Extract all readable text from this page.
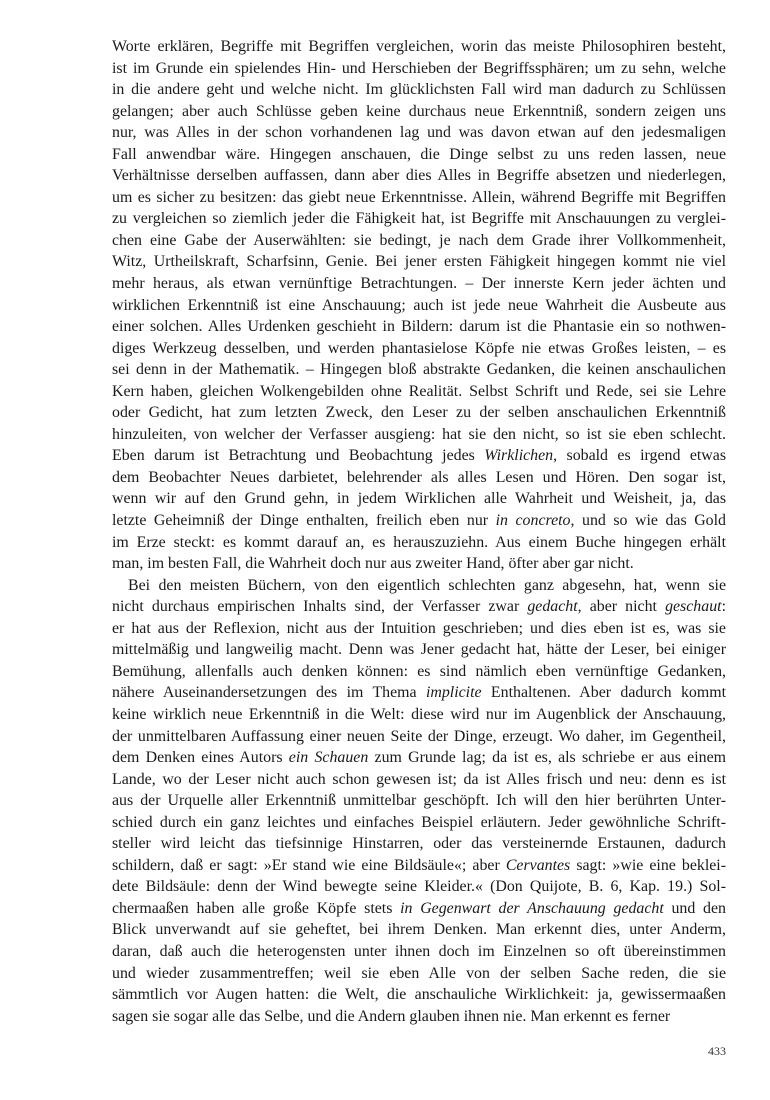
Worte erklären, Begriffe mit Begriffen vergleichen, worin das meiste Philosophiren besteht,
ist im Grunde ein spielendes Hin- und Herschieben der Begriffssphären; um zu sehn, welche
in die andere geht und welche nicht. Im glücklichsten Fall wird man dadurch zu Schlüssen
gelangen; aber auch Schlüsse geben keine durchaus neue Erkenntniß, sondern zeigen uns
nur, was Alles in der schon vorhandenen lag und was davon etwan auf den jedesmaligen
Fall anwendbar wäre. Hingegen anschauen, die Dinge selbst zu uns reden lassen, neue
Verhältnisse derselben auffassen, dann aber dies Alles in Begriffe absetzen und niederlegen,
um es sicher zu besitzen: das giebt neue Erkenntnisse. Allein, während Begriffe mit Begriffen
zu vergleichen so ziemlich jeder die Fähigkeit hat, ist Begriffe mit Anschauungen zu verglei-
chen eine Gabe der Auserwählten: sie bedingt, je nach dem Grade ihrer Vollkommenheit,
Witz, Urtheilskraft, Scharfsinn, Genie. Bei jener ersten Fähigkeit hingegen kommt nie viel
mehr heraus, als etwan vernünftige Betrachtungen. – Der innerste Kern jeder ächten und
wirklichen Erkenntniß ist eine Anschauung; auch ist jede neue Wahrheit die Ausbeute aus
einer solchen. Alles Urdenken geschieht in Bildern: darum ist die Phantasie ein so nothwen-
diges Werkzeug desselben, und werden phantasielose Köpfe nie etwas Großes leisten, – es
sei denn in der Mathematik. – Hingegen bloß abstrakte Gedanken, die keinen anschaulichen
Kern haben, gleichen Wolkengebilden ohne Realität. Selbst Schrift und Rede, sei sie Lehre
oder Gedicht, hat zum letzten Zweck, den Leser zu der selben anschaulichen Erkenntniß
hinzuleiten, von welcher der Verfasser ausgieng: hat sie den nicht, so ist sie eben schlecht.
Eben darum ist Betrachtung und Beobachtung jedes Wirklichen, sobald es irgend etwas
dem Beobachter Neues darbietet, belehrender als alles Lesen und Hören. Den sogar ist,
wenn wir auf den Grund gehn, in jedem Wirklichen alle Wahrheit und Weisheit, ja, das
letzte Geheimniß der Dinge enthalten, freilich eben nur in concreto, und so wie das Gold
im Erze steckt: es kommt darauf an, es herauszuziehn. Aus einem Buche hingegen erhält
man, im besten Fall, die Wahrheit doch nur aus zweiter Hand, öfter aber gar nicht.
Bei den meisten Büchern, von den eigentlich schlechten ganz abgesehn, hat, wenn sie
nicht durchaus empirischen Inhalts sind, der Verfasser zwar gedacht, aber nicht geschaut:
er hat aus der Reflexion, nicht aus der Intuition geschrieben; und dies eben ist es, was sie
mittelmäßig und langweilig macht. Denn was Jener gedacht hat, hätte der Leser, bei einiger
Bemühung, allenfalls auch denken können: es sind nämlich eben vernünftige Gedanken,
nähere Auseinandersetzungen des im Thema implicite Enthaltenen. Aber dadurch kommt
keine wirklich neue Erkenntniß in die Welt: diese wird nur im Augenblick der Anschauung,
der unmittelbaren Auffassung einer neuen Seite der Dinge, erzeugt. Wo daher, im Gegentheil,
dem Denken eines Autors ein Schauen zum Grunde lag; da ist es, als schriebe er aus einem
Lande, wo der Leser nicht auch schon gewesen ist; da ist Alles frisch und neu: denn es ist
aus der Urquelle aller Erkenntniß unmittelbar geschöpft. Ich will den hier berührten Unter-
schied durch ein ganz leichtes und einfaches Beispiel erläutern. Jeder gewöhnliche Schrift-
steller wird leicht das tiefsinnige Hinstarren, oder das versteinernde Erstaunen, dadurch
schildern, daß er sagt: »Er stand wie eine Bildsäule«; aber Cervantes sagt: »wie eine beklei-
dete Bildsäule: denn der Wind bewegte seine Kleider.« (Don Quijote, B. 6, Kap. 19.) Sol-
chermaaßen haben alle große Köpfe stets in Gegenwart der Anschauung gedacht und den
Blick unverwandt auf sie geheftet, bei ihrem Denken. Man erkennt dies, unter Anderm,
daran, daß auch die heterogensten unter ihnen doch im Einzelnen so oft übereinstimmen
und wieder zusammentreffen; weil sie eben Alle von der selben Sache reden, die sie
sämmtlich vor Augen hatten: die Welt, die anschauliche Wirklichkeit: ja, gewissermaaßen
sagen sie sogar alle das Selbe, und die Andern glauben ihnen nie. Man erkennt es ferner
433
